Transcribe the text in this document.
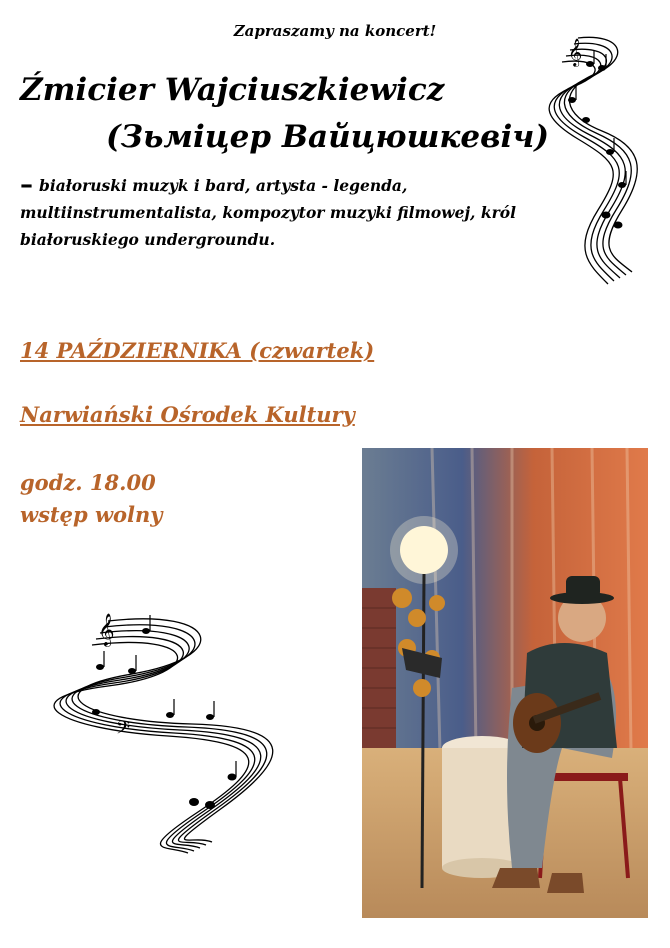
Zapraszamy na koncert!
Źmicier Wajciuszkiewicz
(Зьміцер Вайцюшкевіч)
– białoruski muzyk i bard, artysta - legenda, multiinstrumentalista, kompozytor muzyki filmowej, król białoruskiego undergroundu.
14 PAŹDZIERNIKA (czwartek)
Narwiański Ośrodek Kultury
godz. 18.00
wstęp wolny
𝄞
𝄞
𝄢
